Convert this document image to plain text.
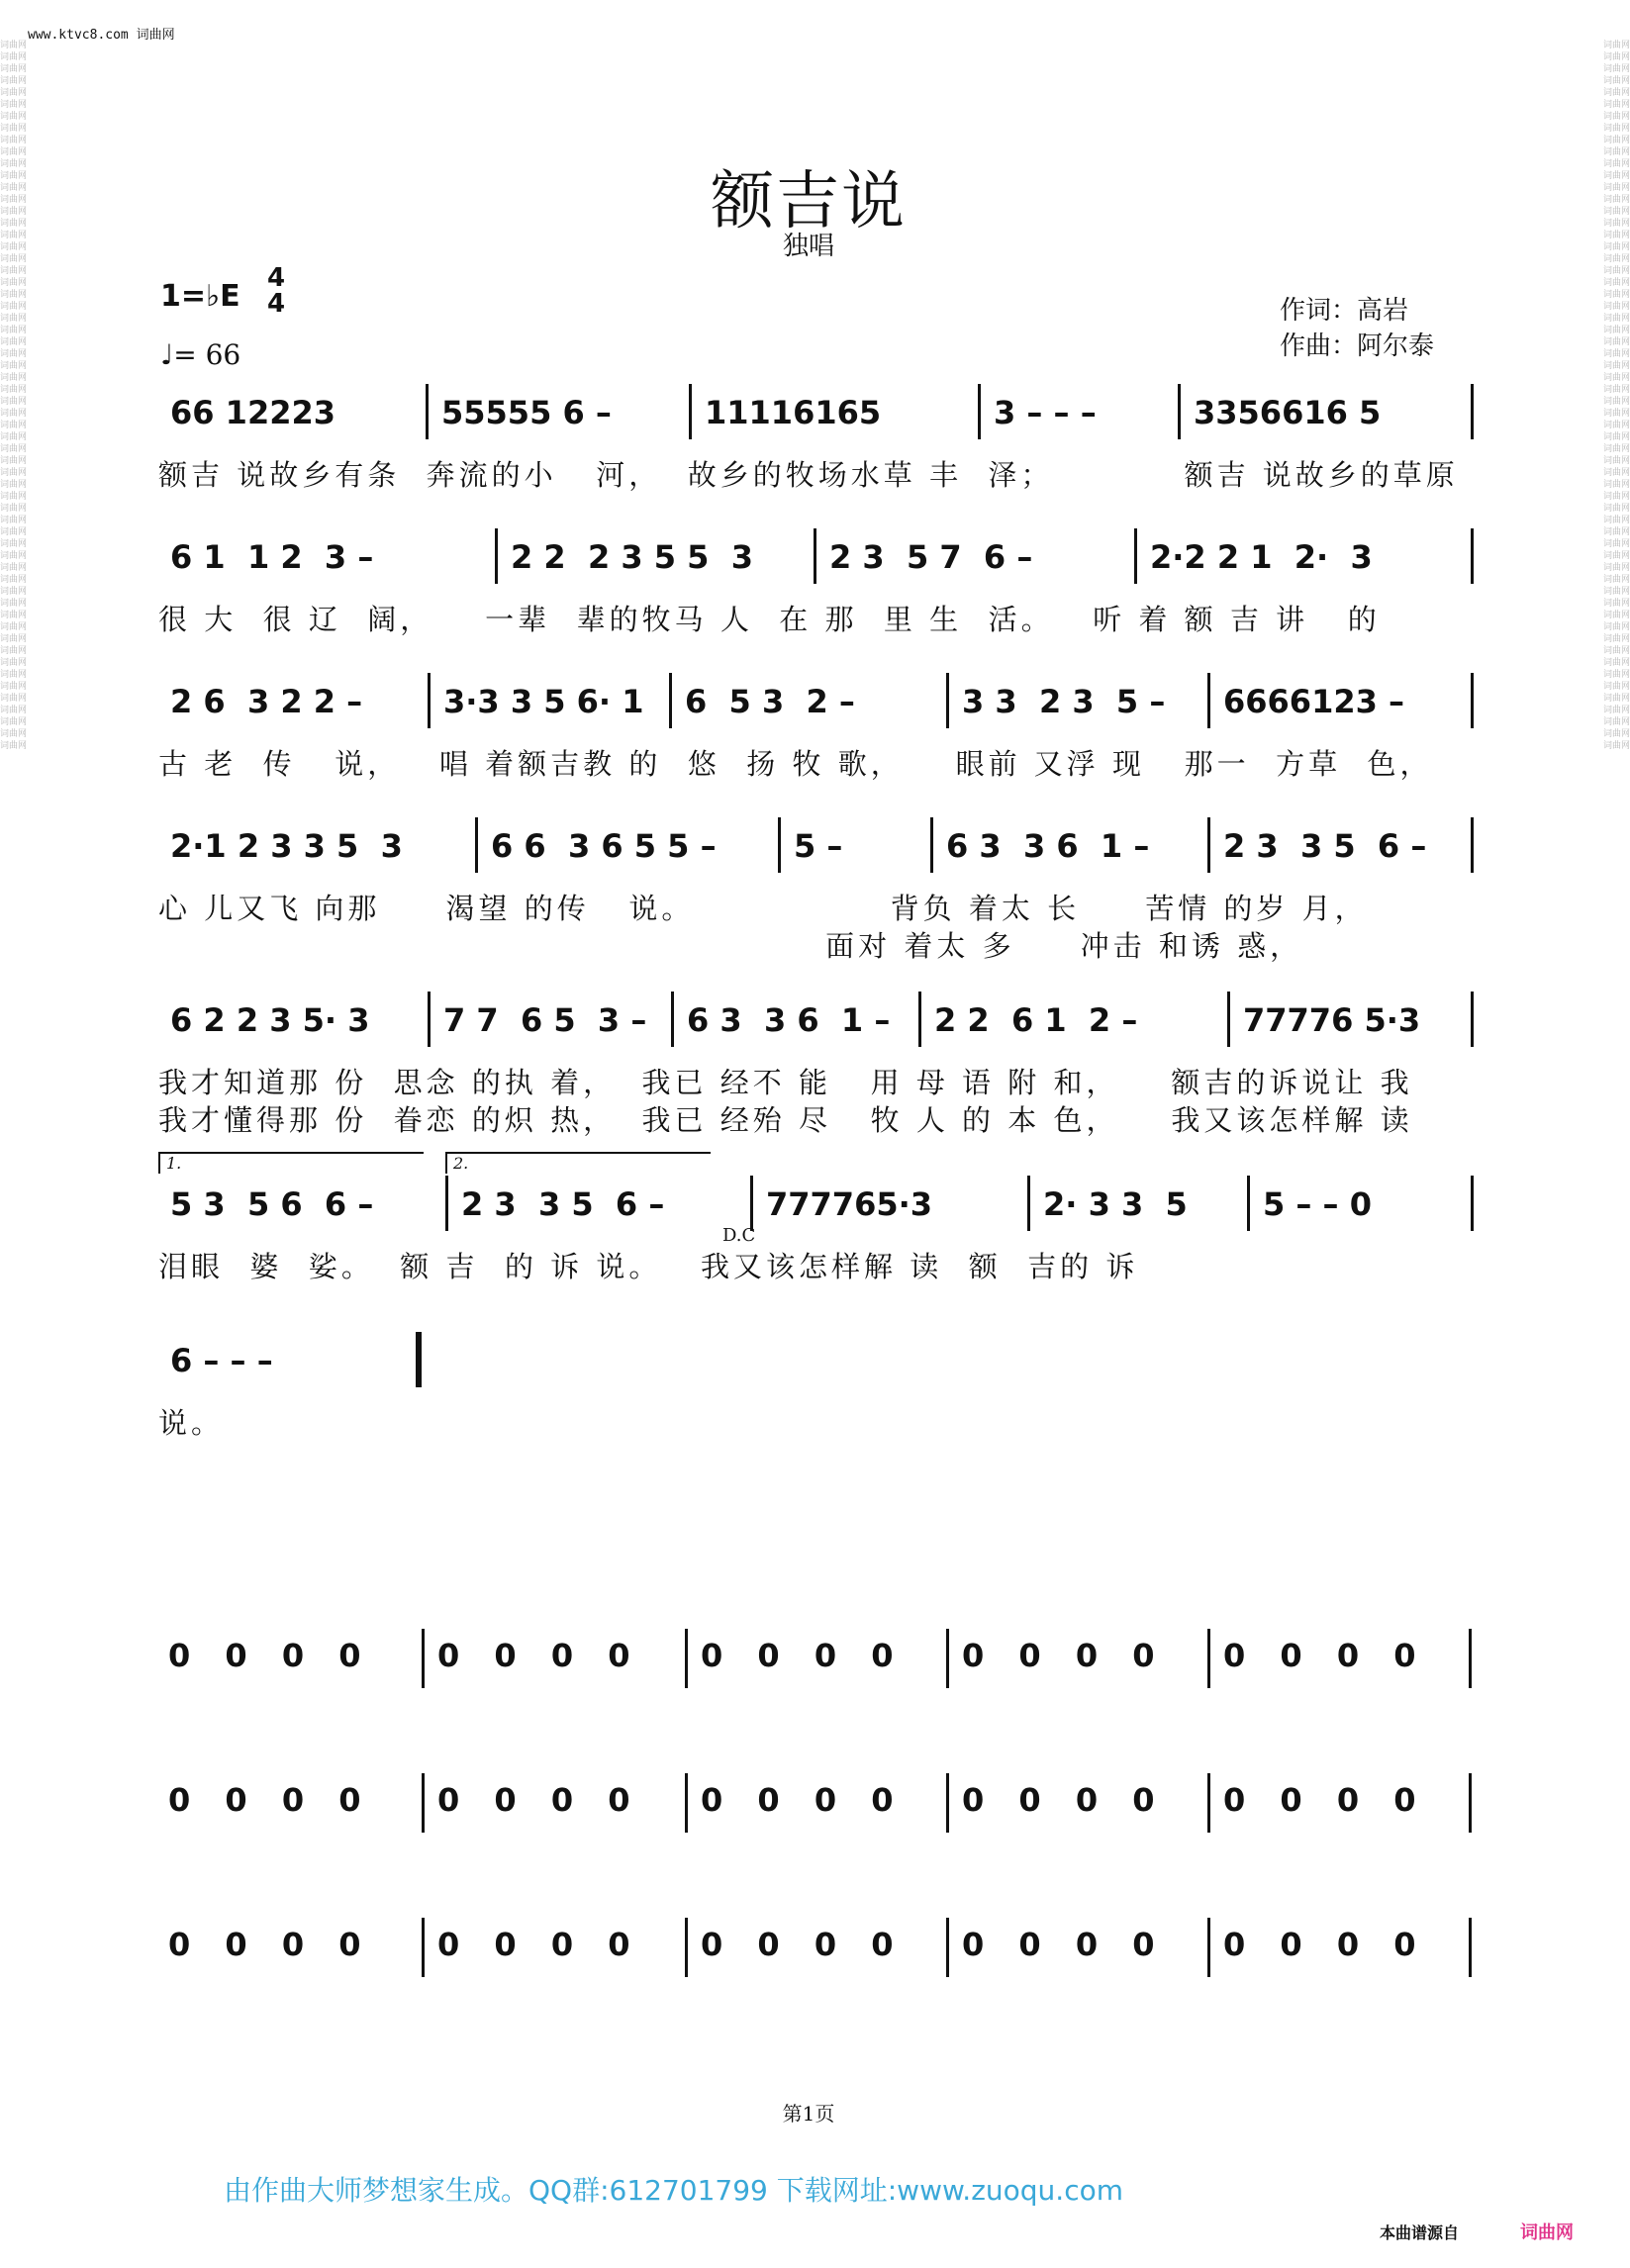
词曲网
词曲网
词曲网
词曲网
词曲网
词曲网
词曲网
词曲网
词曲网
词曲网
词曲网
词曲网
词曲网
词曲网
词曲网
词曲网
词曲网
词曲网
词曲网
词曲网
词曲网
词曲网
词曲网
词曲网
词曲网
词曲网
词曲网
词曲网
词曲网
词曲网
词曲网
词曲网
词曲网
词曲网
词曲网
词曲网
词曲网
词曲网
词曲网
词曲网
词曲网
词曲网
词曲网
词曲网
词曲网
词曲网
词曲网
词曲网
词曲网
词曲网
词曲网
词曲网
词曲网
词曲网
词曲网
词曲网
词曲网
词曲网
词曲网
词曲网

词曲网
词曲网
词曲网
词曲网
词曲网
词曲网
词曲网
词曲网
词曲网
词曲网
词曲网
词曲网
词曲网
词曲网
词曲网
词曲网
词曲网
词曲网
词曲网
词曲网
词曲网
词曲网
词曲网
词曲网
词曲网
词曲网
词曲网
词曲网
词曲网
词曲网
词曲网
词曲网
词曲网
词曲网
词曲网
词曲网
词曲网
词曲网
词曲网
词曲网
词曲网
词曲网
词曲网
词曲网
词曲网
词曲网
词曲网
词曲网
词曲网
词曲网
词曲网
词曲网
词曲网
词曲网
词曲网
词曲网
词曲网
词曲网
词曲网
词曲网

www.ktvc8.com 词曲网
额吉说
独唱
1=♭E
4
4
♩= 66
作词：高岩
作曲：阿尔泰
66 12223	55555 6 –	11116165	3 – – –	3356616 5
额吉 说故乡有条  奔流的小   河，  故乡的牧场水草 丰  泽；          额吉 说故乡的草原
6 1  1 2  3 –	2 2  2 3 5 5  3 2 3  5 7  6 –	2·2 2 1  2·  3
很 大  很 辽  阔，    一辈  辈的牧马 人  在 那  里 生  活。   听 着 额 吉 讲   的
2 6  3 2 2 –	3·3 3 5 6· 1 6  5 3  2 –	3 3  2 3  5 – 6666123 –
古 老  传   说，   唱 着额吉教 的  悠  扬 牧 歌，    眼前 又浮 现   那一  方草  色，
2·1 2 3 3 5  3	6 6  3 6 5 5 – 5 –	6 3  3 6  1 – 2 3  3 5  6 –
心 儿又飞 向那     渴望 的传   说。               背负 着太 长     苦情 的岁 月，
面对 着太 多     冲击 和诱 惑，
6 2 2 3 5· 3 7 7  6 5  3 – 6 3  3 6  1 – 2 2  6 1  2 –	77776 5·3
我才知道那 份  思念 的执 着，  我已 经不 能   用 母 语 附 和，    额吉的诉说让 我
我才懂得那 份  眷恋 的炽 热，  我已 经殆 尽   牧 人 的 本 色，    我又该怎样解 读
5 3  5 6  6 –	2 3  3 5  6 –	777765·3	2· 3 3  5 5 – – 0
泪眼  婆  娑。  额 吉  的 诉 说。   我又该怎样解 读  额  吉的 诉
1.	2.
D.C
6 – – –
说。
0 0 0 0 0 0 0 0 0 0 0 0 0 0 0 0 0 0 0 0
0 0 0 0 0 0 0 0 0 0 0 0 0 0 0 0 0 0 0 0
0 0 0 0 0 0 0 0 0 0 0 0 0 0 0 0 0 0 0 0
第1页
由作曲大师梦想家生成。QQ群:612701799 下载网址:www.zuoqu.com
本曲谱源自	词曲网
